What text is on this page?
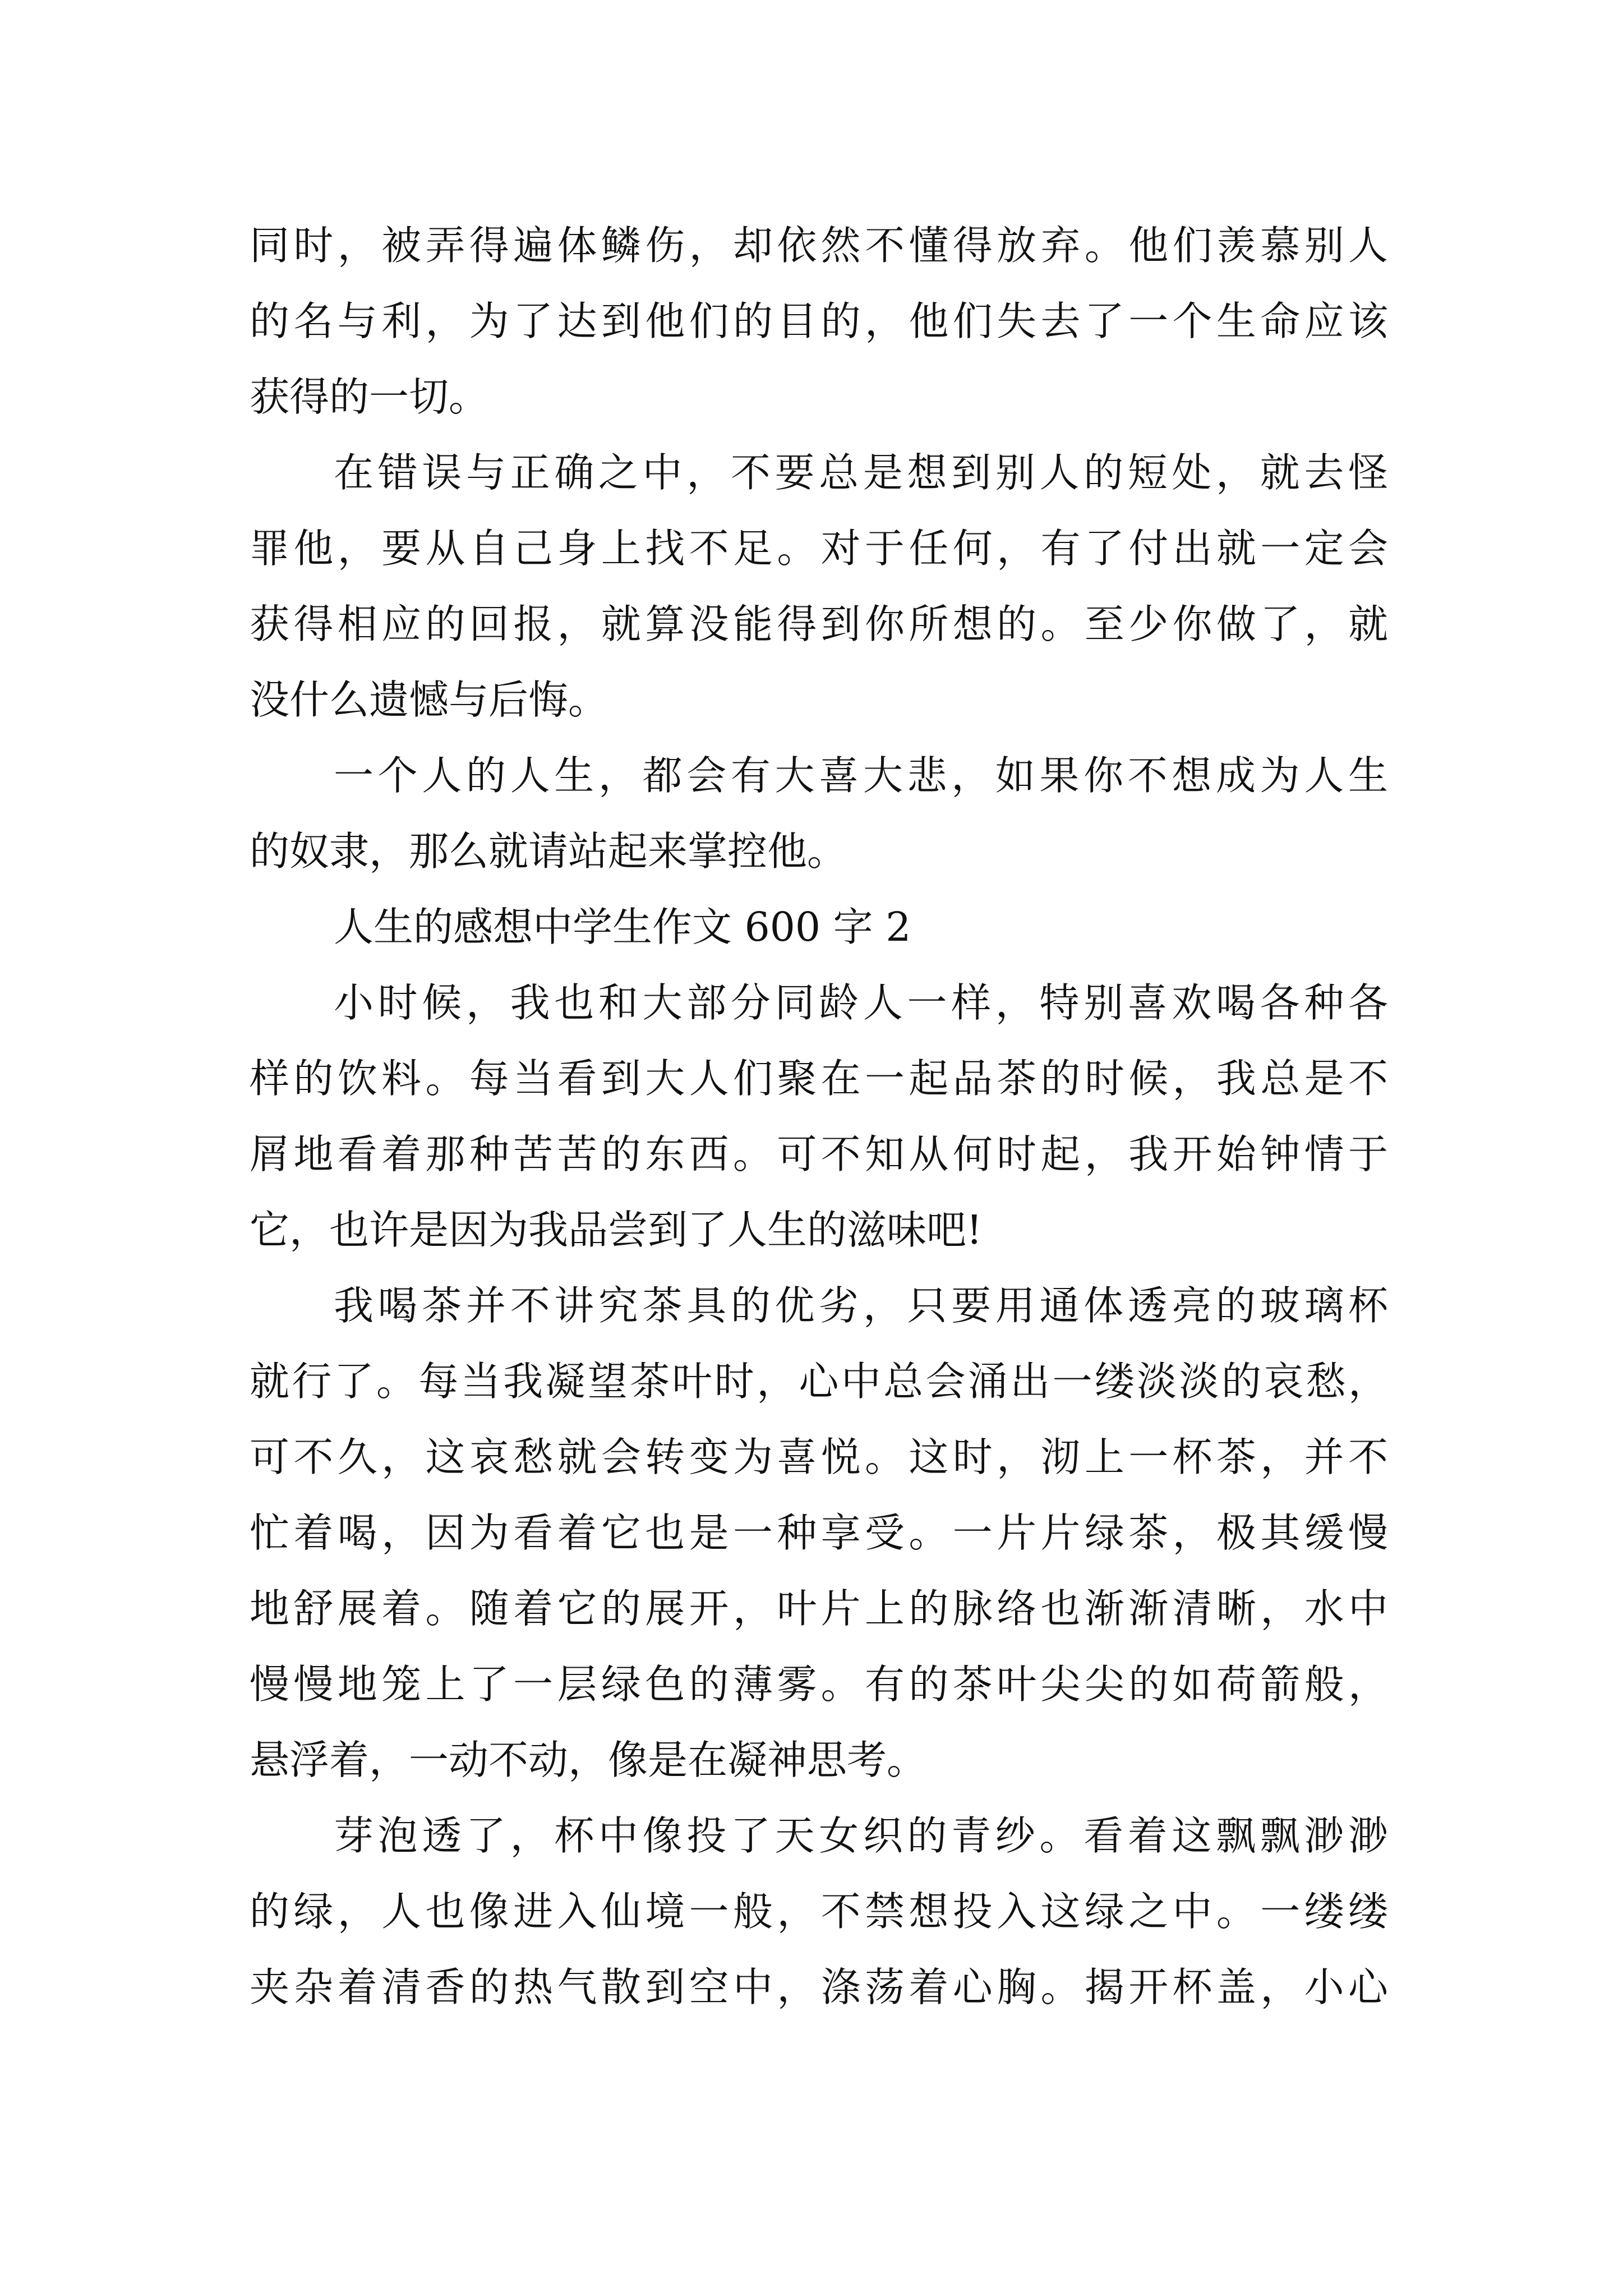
同时，被弄得遍体鳞伤，却依然不懂得放弃。他们羡慕别人
的名与利，为了达到他们的目的，他们失去了一个生命应该
获得的一切。
在错误与正确之中，不要总是想到别人的短处，就去怪
罪他，要从自己身上找不足。对于任何，有了付出就一定会
获得相应的回报，就算没能得到你所想的。至少你做了，就
没什么遗憾与后悔。
一个人的人生，都会有大喜大悲，如果你不想成为人生
的奴隶，那么就请站起来掌控他。
人生的感想中学生作文 600 字 2
小时候，我也和大部分同龄人一样，特别喜欢喝各种各
样的饮料。每当看到大人们聚在一起品茶的时候，我总是不
屑地看着那种苦苦的东西。可不知从何时起，我开始钟情于
它，也许是因为我品尝到了人生的滋味吧!
我喝茶并不讲究茶具的优劣，只要用通体透亮的玻璃杯
就行了。每当我凝望茶叶时，心中总会涌出一缕淡淡的哀愁，
可不久，这哀愁就会转变为喜悦。这时，沏上一杯茶，并不
忙着喝，因为看着它也是一种享受。一片片绿茶，极其缓慢
地舒展着。随着它的展开，叶片上的脉络也渐渐清晰，水中
慢慢地笼上了一层绿色的薄雾。有的茶叶尖尖的如荷箭般，
悬浮着，一动不动，像是在凝神思考。
芽泡透了，杯中像投了天女织的青纱。看着这飘飘渺渺
的绿，人也像进入仙境一般，不禁想投入这绿之中。一缕缕
夹杂着清香的热气散到空中，涤荡着心胸。揭开杯盖，小心
